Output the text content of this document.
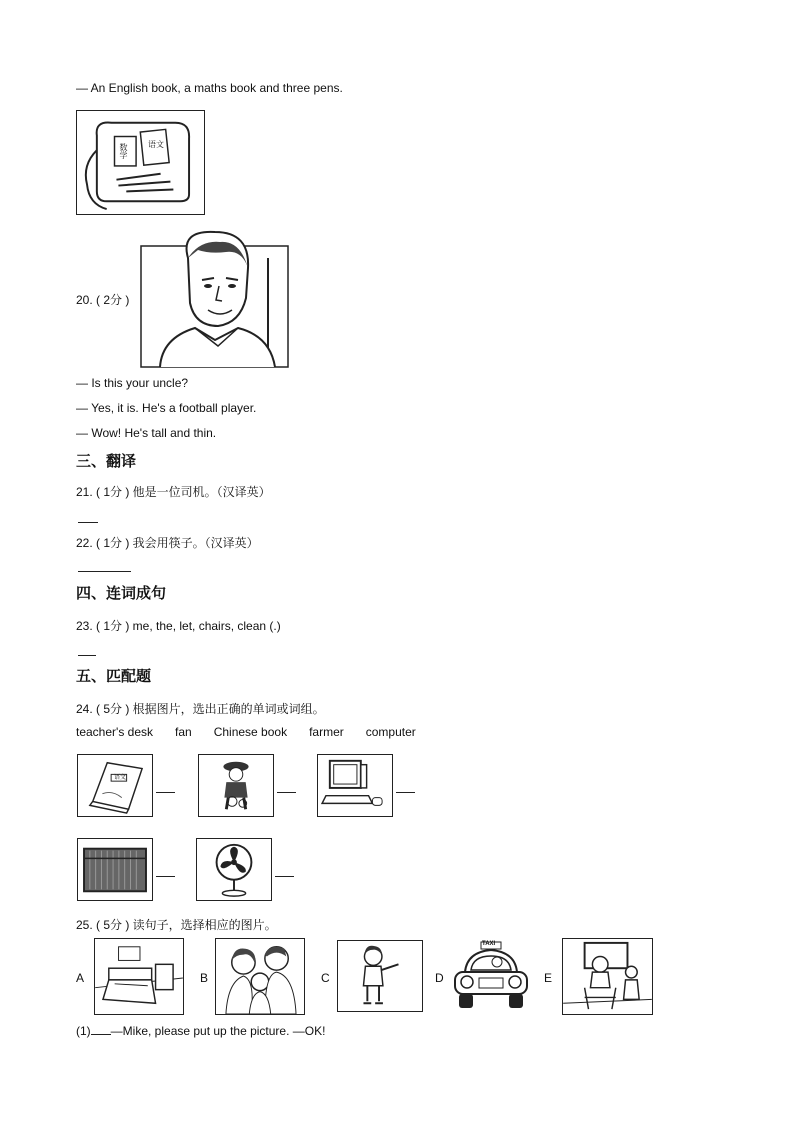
— An English book, a maths book and three pens.
数学	语文
20. ( 2分 )
— Is this your uncle?
— Yes, it is. He's a football player.
— Wow! He's tall and thin.
三、翻译
21. ( 1分 ) 他是一位司机。（汉译英）
22. ( 1分 ) 我会用筷子。（汉译英）
四、连词成句
23. ( 1分 ) me, the, let, chairs, clean (.)
五、匹配题
24. ( 5分 ) 根据图片，选出正确的单词或词组。
teacher's desk fan Chinese book farmer computer
语文
25. ( 5分 ) 读句子，选择相应的图片。
A	B	C	D
TAXI
E
(1) —Mike, please put up the picture. —OK!
